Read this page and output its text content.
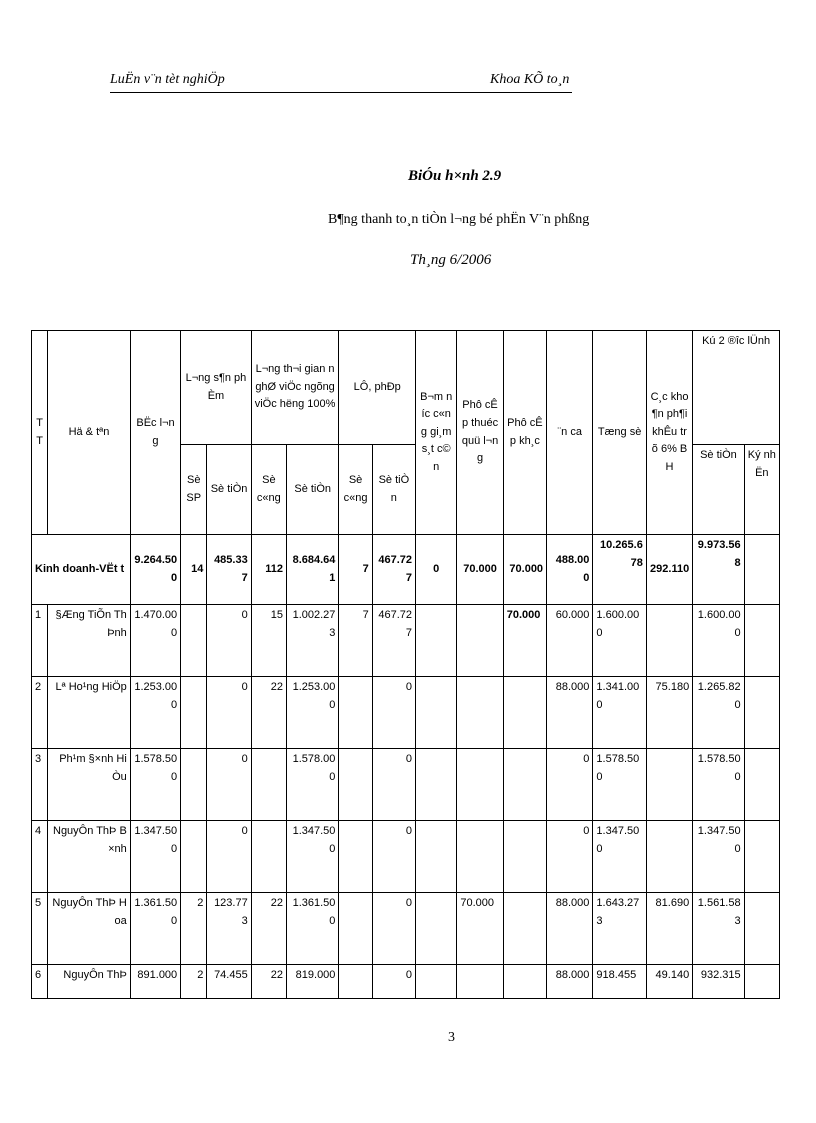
LuËn v¨n tèt nghiÖp	Khoa KÕ to¸n
BiÓu h×nh 2.9
B¶ng thanh to¸n tiÒn l¬ng bé phËn V¨n phßng
Th¸ng 6/2006
T T	Hä & tªn	BËc l¬ng	L¬ng s¶n phÈm		L¬ng th¬i gian nghØ viÖc ngõng viÖc hëng 100%		LÔ, phÐp		B¬m níc c«ng gi¸m s¸t c©n	Phô cÊp thuéc quü l¬ng	Phô cÊp kh¸c	¨n ca	Tæng sè	C¸c kho¶n ph¶i khÊu trõ 6% BH	Kú 2 ®îc lÜnh	
			Sè SP	Sè tiÒn	Sè c«ng	Sè tiÒn	Sè c«ng	Sè tiÒn							Sè tiÒn	Ký nhËn
Kinh doanh-VËt t		9.264.500	14	485.337	112	8.684.641	7	467.727	0	70.000	70.000	488.000	10.265.678	292.110	9.973.568	
1	§Æng TiÕn ThÞnh	1.470.000		0	15	1.002.273	7	467.727			70.000	60.000	1.600.000		1.600.000	
2	Lª Ho¹ng HiÖp	1.253.000		0	22	1.253.000		0				88.000	1.341.000	75.180	1.265.820	
3	Ph¹m §×nh HiÒu	1.578.500		0		1.578.000		0				0	1.578.500		1.578.500	
4	NguyÔn ThÞ B×nh	1.347.500		0		1.347.500		0				0	1.347.500		1.347.500	
5	NguyÔn ThÞ Hoa	1.361.500	2	123.773	22	1.361.500		0		70.000		88.000	1.643.273	81.690	1.561.583	
6	NguyÔn ThÞ	891.000	2	74.455	22	819.000		0				88.000	918.455	49.140	932.315	
3
